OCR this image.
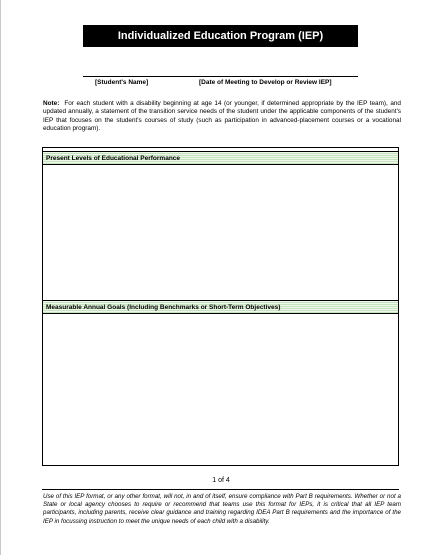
Individualized Education Program (IEP)
[Student's Name]	[Date of Meeting to Develop or Review IEP]
Note: For each student with a disability beginning at age 14 (or younger, if determined appropriate by the IEP team), and updated annually, a statement of the transition service needs of the student under the applicable components of the student's IEP that focuses on the student's courses of study (such as participation in advanced-placement courses or a vocational education program).
Present Levels of Educational Performance
Measurable Annual Goals (Including Benchmarks or Short-Term Objectives)
1 of 4
Use of this IEP format, or any other format, will not, in and of itself, ensure compliance with Part B requirements. Whether or not a State or local agency chooses to require or recommend that teams use this format for IEPs, it is critical that all IEP team participants, including parents, receive clear guidance and training regarding IDEA Part B requirements and the importance of the IEP in focussing instruction to meet the unique needs of each child with a disability.
